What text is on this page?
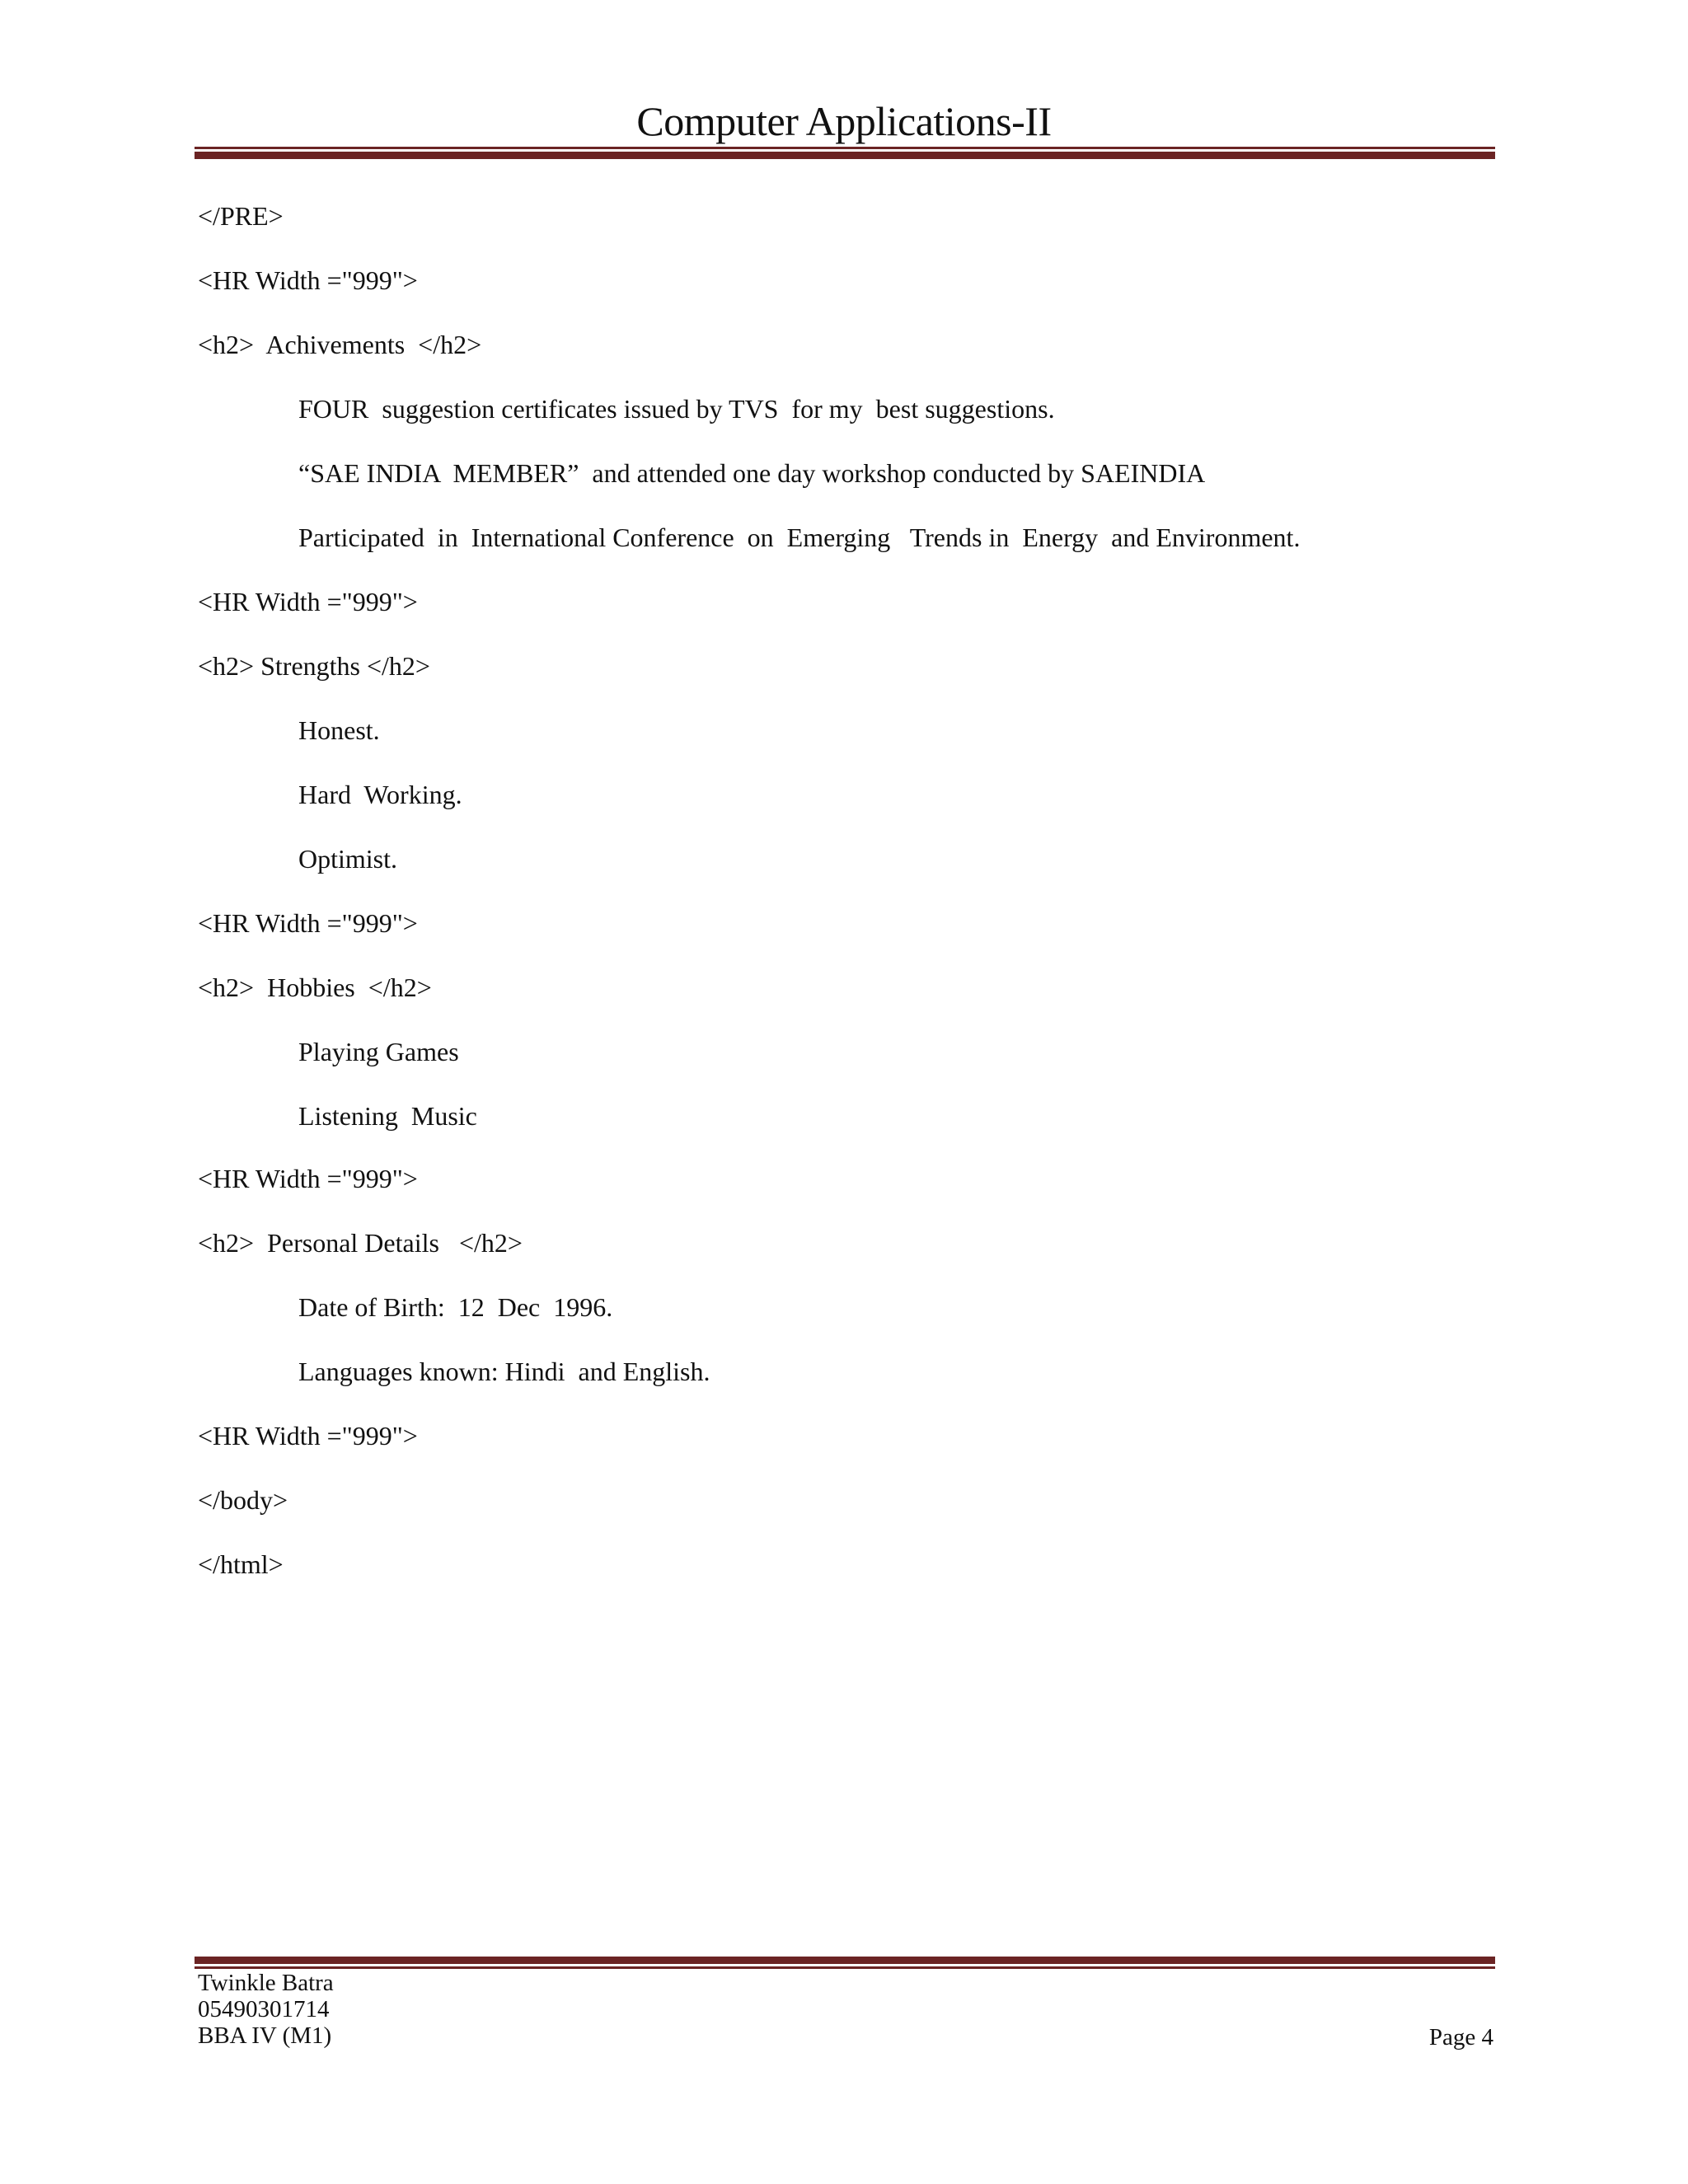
Computer Applications-II
</PRE>
<HR Width ="999">
<h2>  Achivements  </h2>
FOUR  suggestion certificates issued by TVS  for my  best suggestions.
“SAE INDIA  MEMBER”  and attended one day workshop conducted by SAEINDIA
Participated  in  International Conference  on  Emerging   Trends in  Energy  and Environment.
<HR Width ="999">
<h2> Strengths </h2>
Honest.
Hard  Working.
Optimist.
<HR Width ="999">
<h2>  Hobbies  </h2>
Playing Games
Listening  Music
<HR Width ="999">
<h2>  Personal Details   </h2>
Date of Birth:  12  Dec  1996.
Languages known: Hindi  and English.
<HR Width ="999">
</body>
</html>
Twinkle Batra
05490301714
BBA IV (M1)	Page 4
